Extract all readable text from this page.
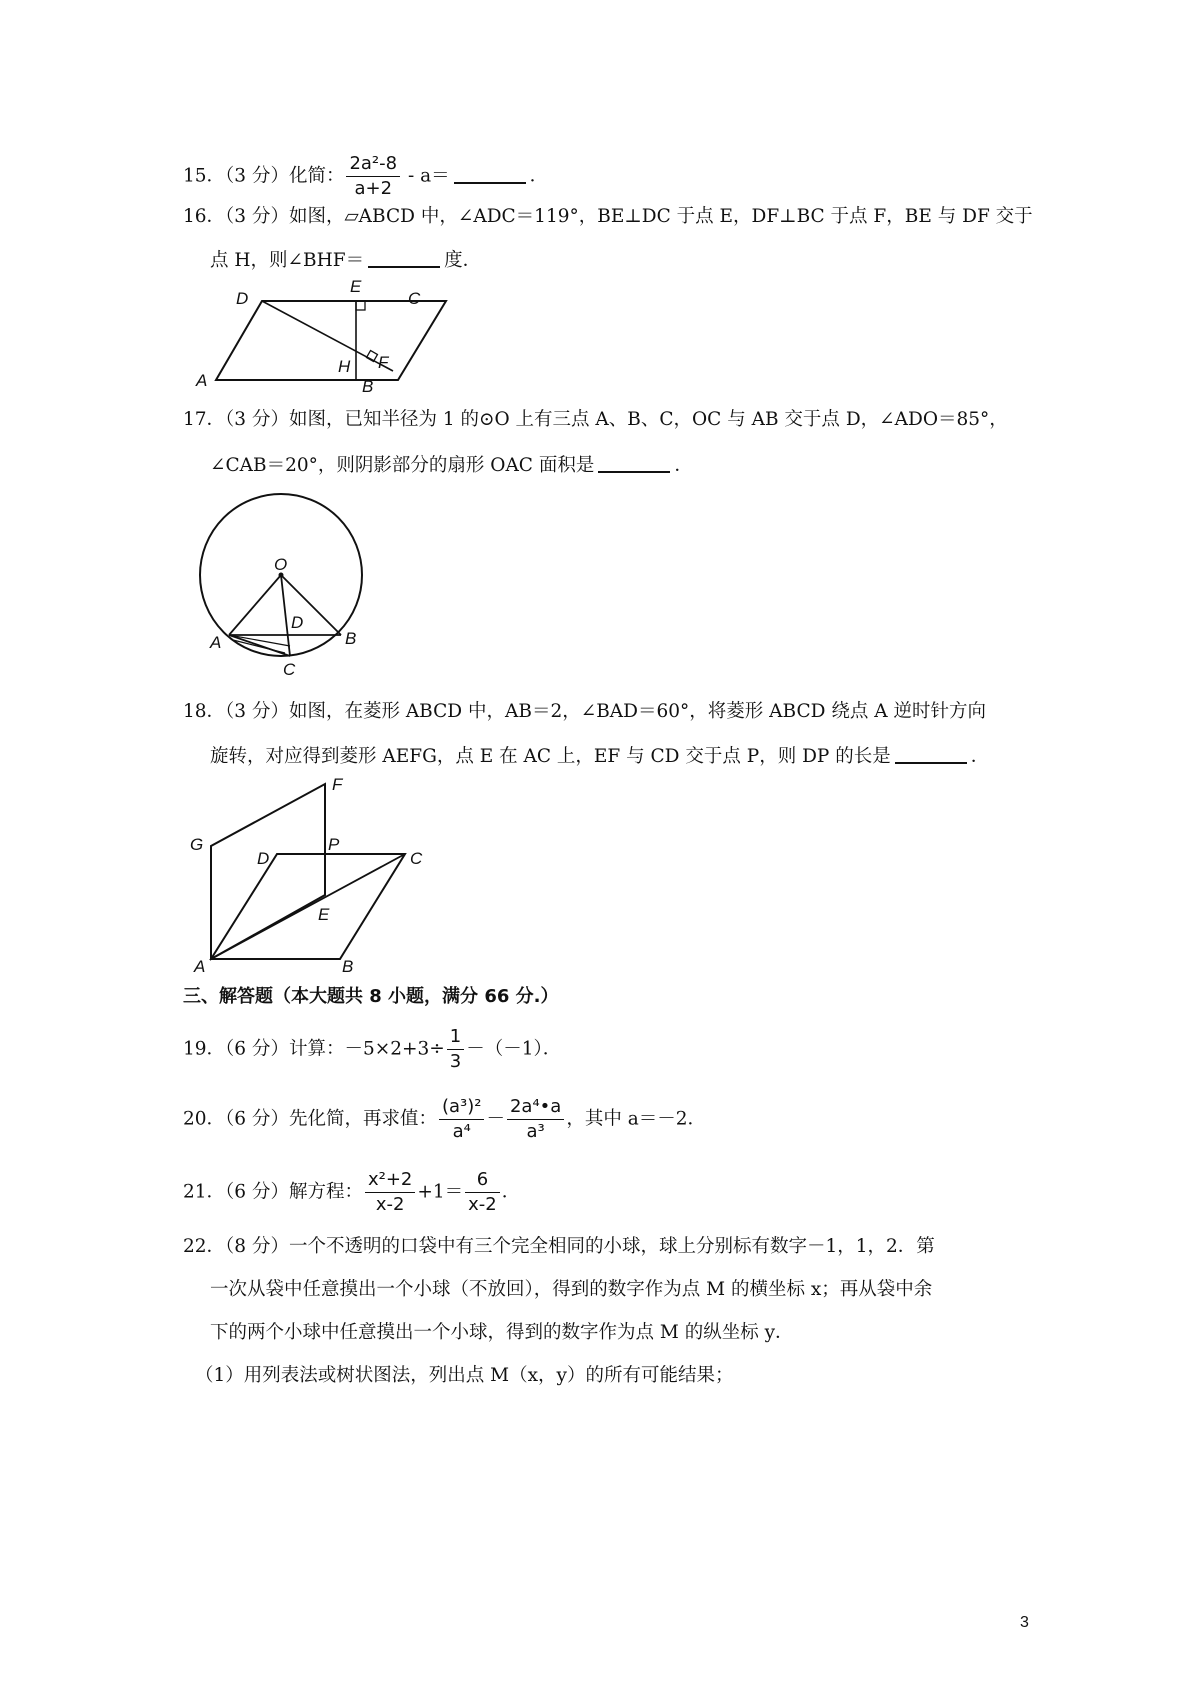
15．（3 分）化简： $\frac{\text{2a²-8}}{a+2} - a=$	．
16．（3 分）如图，▱ABCD 中，∠ADC＝119°，BE⊥DC 于点 E，DF⊥BC 于点 F，BE 与 DF 交于
点 H，则∠BHF＝	度．
D
E
C
H F
A	B
17．（3 分）如图，已知半径为 1 的⊙O 上有三点 A、B、C，OC 与 AB 交于点 D，∠ADO＝85°，
∠CAB＝20°，则阴影部分的扇形 OAC 面积是	．
O
D
A	B
C
18．（3 分）如图，在菱形 ABCD 中，AB＝2，∠BAD＝60°，将菱形 ABCD 绕点 A 逆时针方向
旋转，对应得到菱形 AEFG，点 E 在 AC 上，EF 与 CD 交于点 P，则 DP 的长是	．
F
G
D
P
C
E
A	B
三、解答题（本大题共 8 小题，满分 66 分.）
19．（6 分）计算：$-5\times 2+3\div \frac{1}{3} -(-1)$．
20．（6 分）先化简，再求值： $\frac{\text{(a³)²}}{\text{a⁴}} - \frac{\text{2a⁴•a}}{\text{a³}}$ ，其中 a＝－2．
21．（6 分）解方程： $\frac{\text{x²+2}}{x-2} +1= \frac{6}{x-2}$ ．
22．（8 分）一个不透明的口袋中有三个完全相同的小球，球上分别标有数字－1，1，2．第
一次从袋中任意摸出一个小球（不放回），得到的数字作为点 M 的横坐标 x；再从袋中余
下的两个小球中任意摸出一个小球，得到的数字作为点 M 的纵坐标 y．
（1）用列表法或树状图法，列出点 M（x，y）的所有可能结果；
3
